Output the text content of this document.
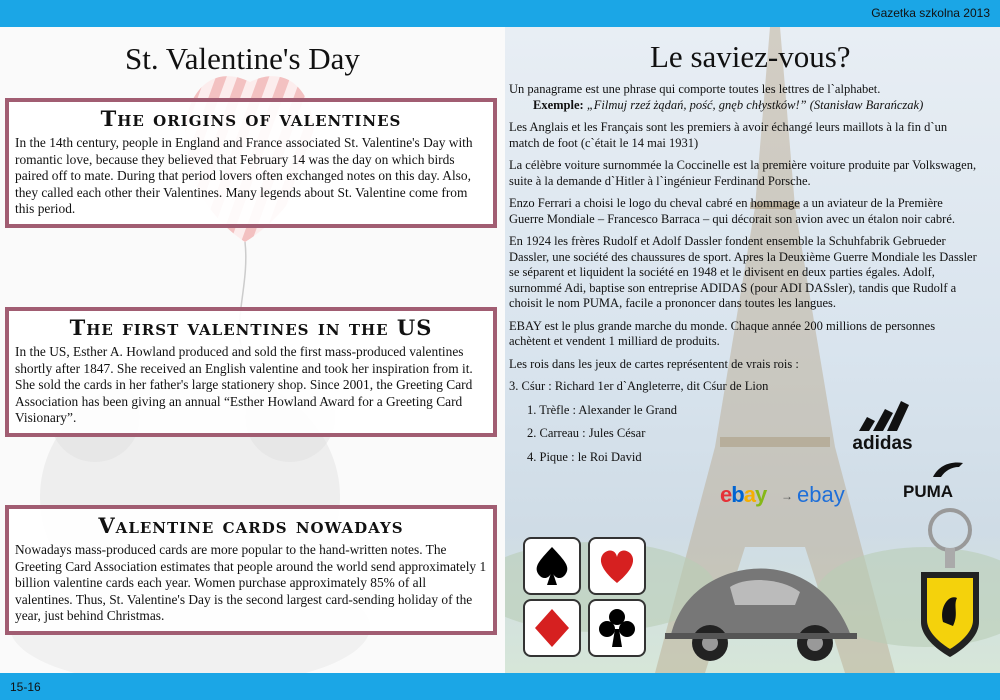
Gazetka szkolna 2013
St. Valentine's Day
The origins of valentines

In the 14th century, people in England and France associated St. Valentine's Day with romantic love, because they believed that February 14 was the day on which birds paired off to mate. During that period lovers often exchanged notes on this day. Also, they called each other their Valentines. Many legends about St. Valentine come from this period.

The first valentines in the US

In the US, Esther A. Howland produced and sold the first mass-produced valentines shortly after 1847. She received an English valentine and took her inspiration from it. She sold the cards in her father's large stationery shop. Since 2001, the Greeting Card Association has been giving an annual “Esther Howland Award for a Greeting Card Visionary”.

Valentine cards nowadays

Nowadays mass-produced cards are more popular to the hand-written notes. The Greeting Card Association estimates that people around the world send approximately 1 billion valentine cards each year. Women purchase approximately 85% of all valentines. Thus, St. Valentine's Day is the second largest card-sending holiday of the year, just behind Christmas.

Le saviez-vous?
Un panagrame est une phrase qui comporte toutes les lettres de l`alphabet.
Exemple: „Filmuj rzeź żądań, pość, gnęb chłystków!” (Stanisław Barańczak)
Les Anglais et les Français sont les premiers à avoir échangé leurs maillots à la fin d`un match de foot (c`était le 14 mai 1931)
La célèbre voiture surnommée la Coccinelle est la première voiture produite par Volkswagen, suite à la demande d`Hitler à l`ingénieur Ferdinand Porsche.
Enzo Ferrari a choisi le logo du cheval cabré en hommage a un aviateur de la Première Guerre Mondiale – Francesco Barraca – qui décorait son avion avec un étalon noir cabré.
En 1924 les frères Rudolf et Adolf Dassler fondent ensemble la Schuhfabrik Gebrueder Dassler, une société des chaussures de sport. Apres la Deuxième Guerre Mondiale les Dassler se séparent et liquident la société en 1948 et le divisent en deux parties égales. Adolf, surnommé Adi, baptise son entreprise ADIDAS (pour ADI DASsler), tandis que Rudolf a choisit le nom PUMA, facile a prononcer dans toutes les langues.
EBAY est le plus grande marche du monde. Chaque année 200 millions de personnes achètent et vendent 1 milliard de produits.
Les rois dans les jeux de cartes représentent de vrais rois :
3. Cśur : Richard 1er d`Angleterre, dit Cśur de Lion
1. Trèfle : Alexander le Grand
2. Carreau : Jules César
4. Pique : le Roi David
adidas
PUMA
ebay → ebay
15-16
